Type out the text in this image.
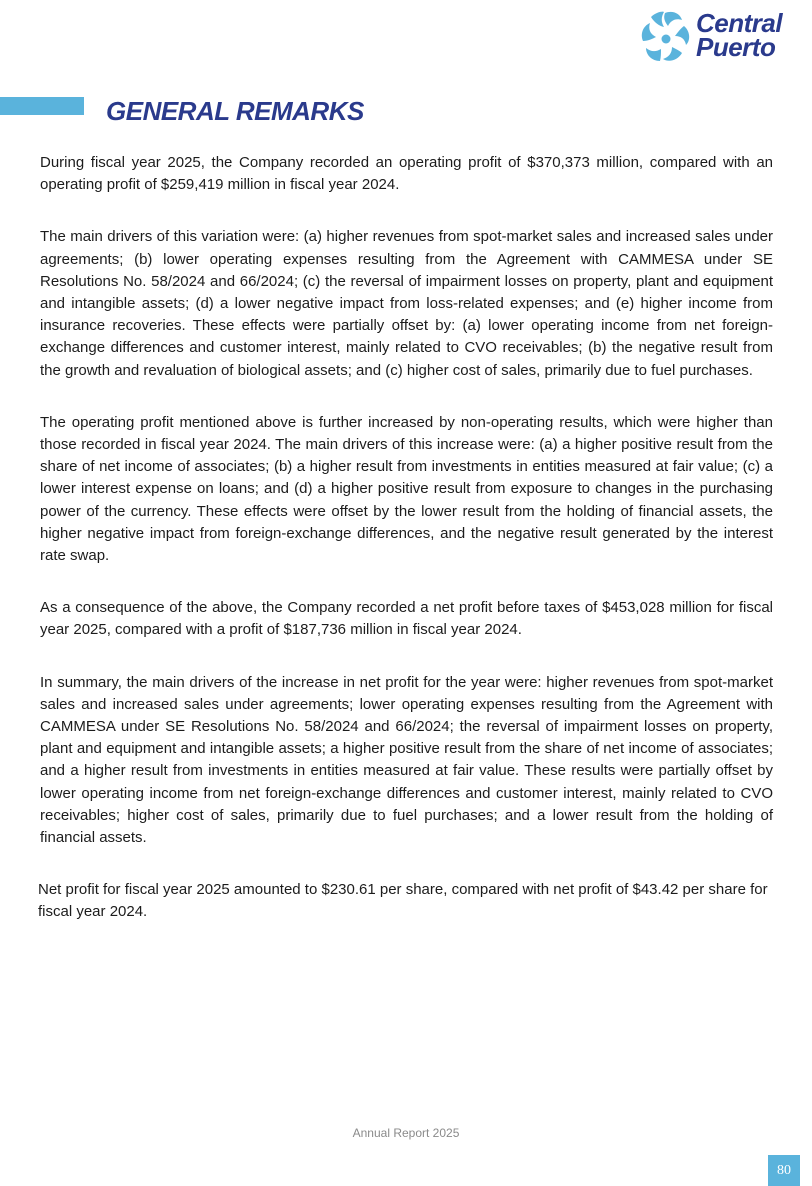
Central
Puerto
GENERAL REMARKS

During fiscal year 2025, the Company recorded an operating profit of $370,373 million, compared with an operating profit of $259,419 million in fiscal year 2024.

The main drivers of this variation were: (a) higher revenues from spot-market sales and increased sales under agreements; (b) lower operating expenses resulting from the Agreement with CAMMESA under SE Resolutions No. 58/2024 and 66/2024; (c) the reversal of impairment losses on property, plant and equipment and intangible assets; (d) a lower negative impact from loss-related expenses; and (e) higher income from insurance recoveries. These effects were partially offset by: (a) lower operating income from net foreign-exchange differences and customer interest, mainly related to CVO receivables; (b) the negative result from the growth and revaluation of biological assets; and (c) higher cost of sales, primarily due to fuel purchases.

The operating profit mentioned above is further increased by non-operating results, which were higher than those recorded in fiscal year 2024. The main drivers of this increase were: (a) a higher positive result from the share of net income of associates; (b) a higher result from investments in entities measured at fair value; (c) a lower interest expense on loans; and (d) a higher positive result from exposure to changes in the purchasing power of the currency. These effects were offset by the lower result from the holding of financial assets, the higher negative impact from foreign-exchange differences, and the negative result generated by the interest rate swap.

As a consequence of the above, the Company recorded a net profit before taxes of $453,028 million for fiscal year 2025, compared with a profit of $187,736 million in fiscal year 2024.

In summary, the main drivers of the increase in net profit for the year were: higher revenues from spot-market sales and increased sales under agreements; lower operating expenses resulting from the Agreement with CAMMESA under SE Resolutions No. 58/2024 and 66/2024; the reversal of impairment losses on property, plant and equipment and intangible assets; a higher positive result from the share of net income of associates; and a higher result from investments in entities measured at fair value. These results were partially offset by lower operating income from net foreign-exchange differences and customer interest, mainly related to CVO receivables; higher cost of sales, primarily due to fuel purchases; and a lower result from the holding of financial assets.

Net profit for fiscal year 2025 amounted to $230.61 per share, compared with net profit of $43.42 per share for fiscal year 2024.

Annual Report 2025
80
